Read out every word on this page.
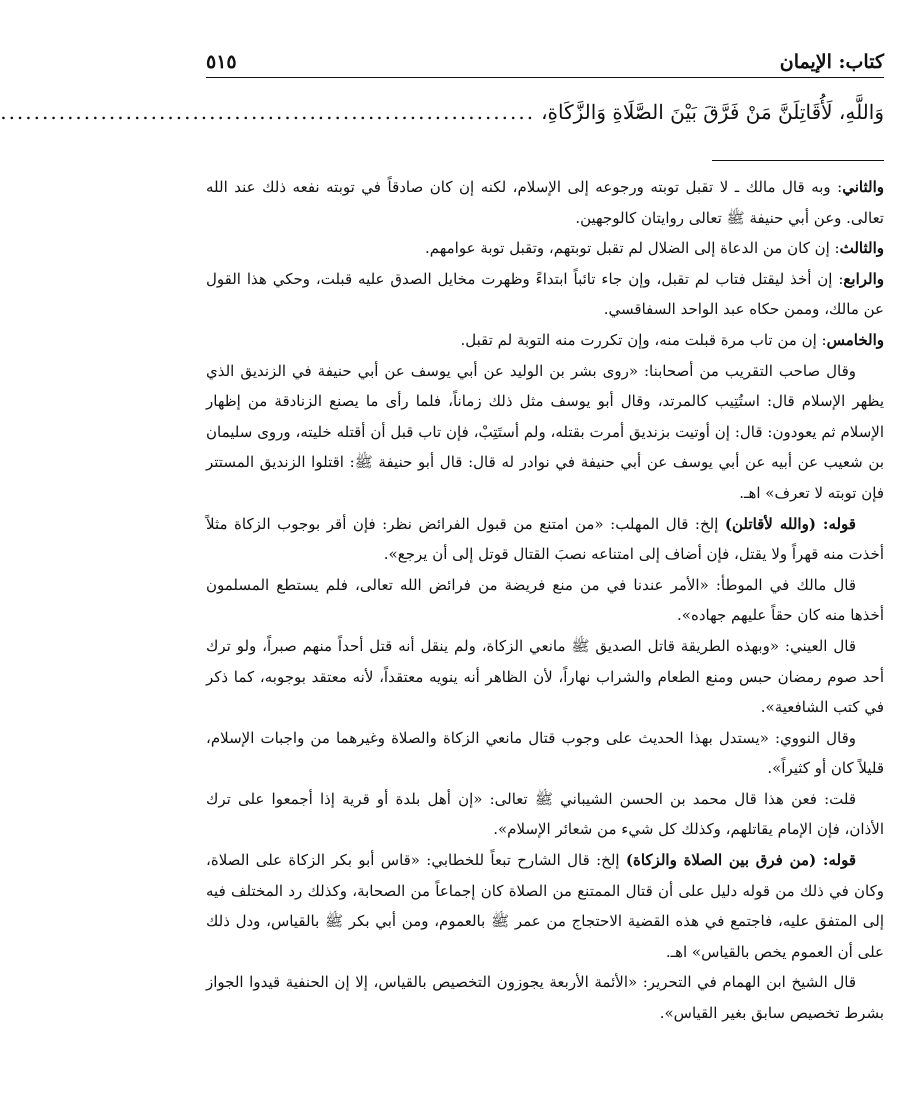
كتاب: الإيمان
٥١٥
وَاللَّهِ، لَأُقَاتِلَنَّ مَنْ فَرَّقَ بَيْنَ الصَّلَاةِ وَالزَّكَاةِ،
................................................................

والثاني: وبه قال مالك ـ لا تقبل توبته ورجوعه إلى الإسلام، لكنه إن كان صادقاً في توبته نفعه ذلك عند الله تعالى. وعن أبي حنيفة ﷺ تعالى روايتان كالوجهين.

والثالث: إن كان من الدعاة إلى الضلال لم تقبل توبتهم، وتقبل توبة عوامهم.

والرابع: إن أخذ ليقتل فتاب لم تقبل، وإن جاء تائباً ابتداءً وظهرت مخايل الصدق عليه قبلت، وحكي هذا القول عن مالك، وممن حكاه عبد الواحد السفاقسي.

والخامس: إن من تاب مرة قبلت منه، وإن تكررت منه التوبة لم تقبل.

وقال صاحب التقريب من أصحابنا: «روى بشر بن الوليد عن أبي يوسف عن أبي حنيفة في الزنديق الذي يظهر الإسلام قال: استُتِيب كالمرتد، وقال أبو يوسف مثل ذلك زماناً، فلما رأى ما يصنع الزنادقة من إظهار الإسلام ثم يعودون: قال: إن أوتيت بزنديق أمرت بقتله، ولم أستَتِبْ، فإن تاب قبل أن أقتله خليته، وروى سليمان بن شعيب عن أبيه عن أبي يوسف عن أبي حنيفة في نوادر له قال: قال أبو حنيفة ﷺ: اقتلوا الزنديق المستتر فإن توبته لا تعرف» اهـ.

قوله: (والله لأقاتلن) إلخ: قال المهلب: «من امتنع من قبول الفرائض نظر: فإن أقر بوجوب الزكاة مثلاً أخذت منه قهراً ولا يقتل، فإن أضاف إلى امتناعه نصبَ القتال قوتل إلى أن يرجع».

قال مالك في الموطأ: «الأمر عندنا في من منع فريضة من فرائض الله تعالى، فلم يستطع المسلمون أخذها منه كان حقاً عليهم جهاده».

قال العيني: «وبهذه الطريقة قاتل الصديق ﷺ مانعي الزكاة، ولم ينقل أنه قتل أحداً منهم صبراً، ولو ترك أحد صوم رمضان حبس ومنع الطعام والشراب نهاراً، لأن الظاهر أنه ينويه معتقداً، لأنه معتقد بوجوبه، كما ذكر في كتب الشافعية».

وقال النووي: «يستدل بهذا الحديث على وجوب قتال مانعي الزكاة والصلاة وغيرهما من واجبات الإسلام، قليلاً كان أو كثيراً».

قلت: فعن هذا قال محمد بن الحسن الشيباني ﷺ تعالى: «إن أهل بلدة أو قرية إذا أجمعوا على ترك الأذان، فإن الإمام يقاتلهم، وكذلك كل شيء من شعائر الإسلام».

قوله: (من فرق بين الصلاة والزكاة) إلخ: قال الشارح تبعاً للخطابي: «قاس أبو بكر الزكاة على الصلاة، وكان في ذلك من قوله دليل على أن قتال الممتنع من الصلاة كان إجماعاً من الصحابة، وكذلك رد المختلف فيه إلى المتفق عليه، فاجتمع في هذه القضية الاحتجاج من عمر ﷺ بالعموم، ومن أبي بكر ﷺ بالقياس، ودل ذلك على أن العموم يخص بالقياس» اهـ.

قال الشيخ ابن الهمام في التحرير: «الأئمة الأربعة يجوزون التخصيص بالقياس، إلا إن الحنفية قيدوا الجواز بشرط تخصيص سابق بغير القياس».
